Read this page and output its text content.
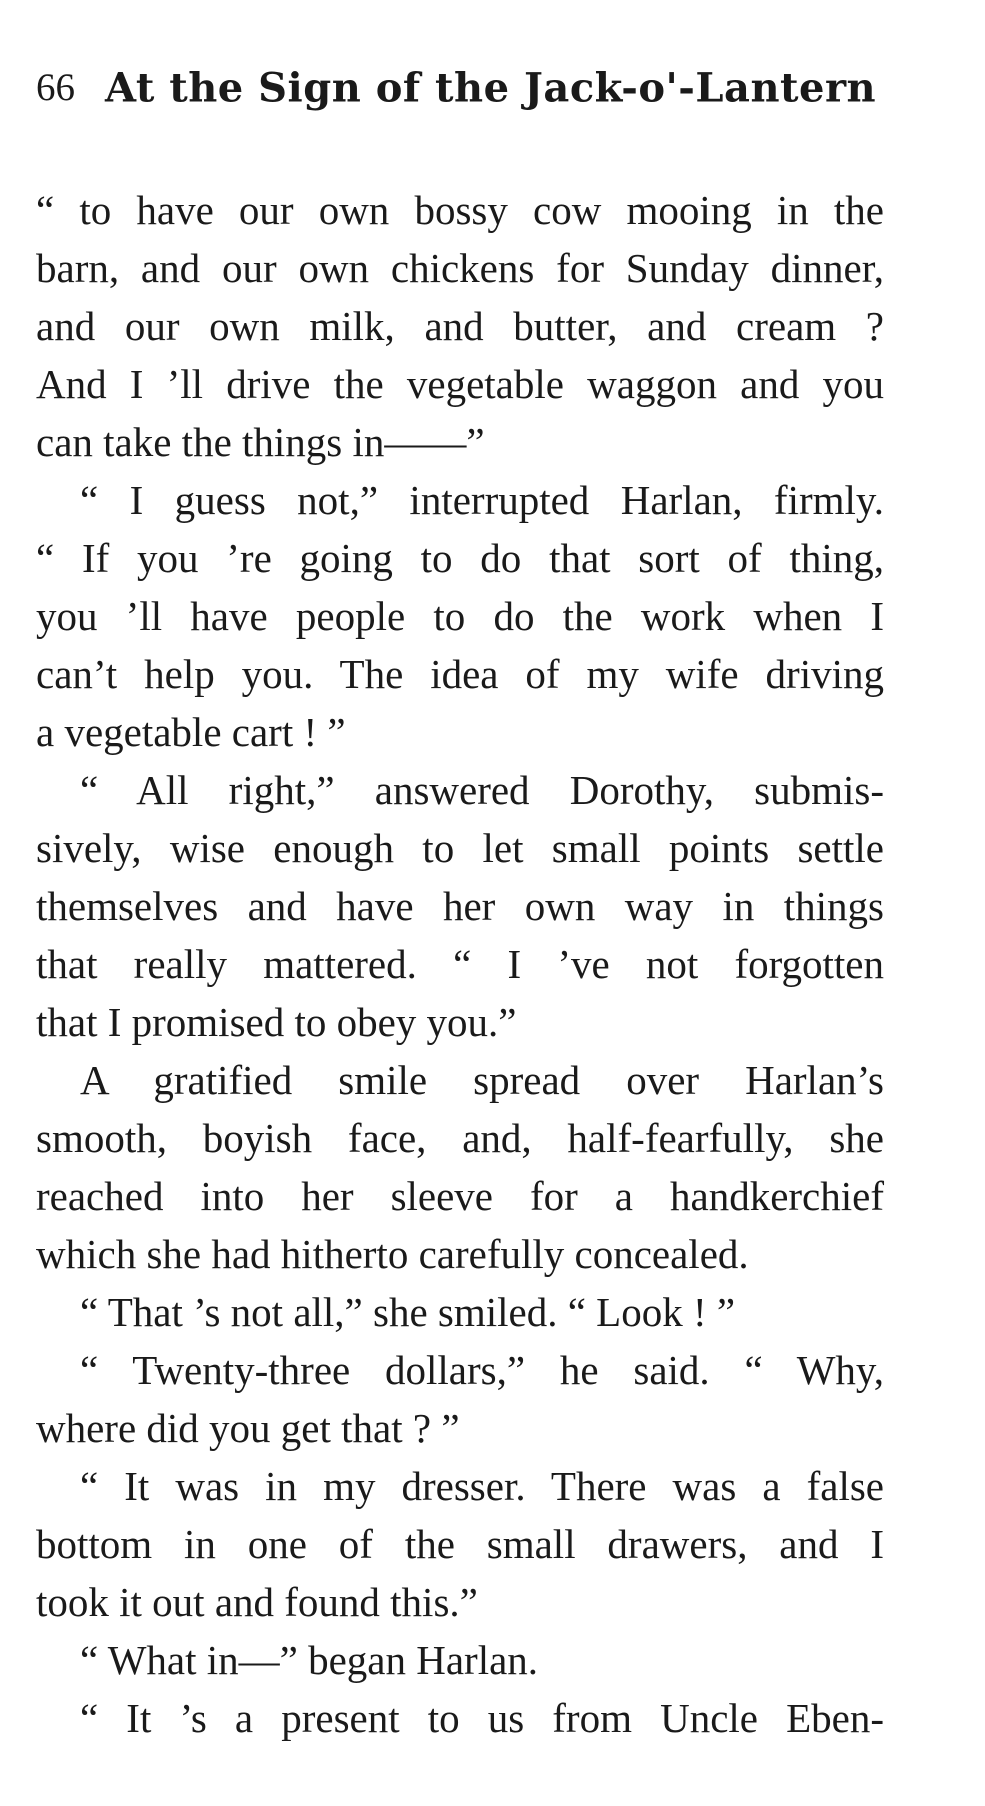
66 At the Sign of the Jack-o'-Lantern
“ to have our own bossy cow mooing in the
barn, and our own chickens for Sunday dinner,
and our own milk, and butter, and cream ?
And I ’ll drive the vegetable waggon and you
can take the things in——”
“ I guess not,” interrupted Harlan, firmly.
“ If you ’re going to do that sort of thing,
you ’ll have people to do the work when I
can’t help you. The idea of my wife driving
a vegetable cart ! ”
“ All right,” answered Dorothy, submis-
sively, wise enough to let small points settle
themselves and have her own way in things
that really mattered. “ I ’ve not forgotten
that I promised to obey you.”
A gratified smile spread over Harlan’s
smooth, boyish face, and, half-fearfully, she
reached into her sleeve for a handkerchief
which she had hitherto carefully concealed.
“ That ’s not all,” she smiled. “ Look ! ”
“ Twenty-three dollars,” he said. “ Why,
where did you get that ? ”
“ It was in my dresser. There was a false
bottom in one of the small drawers, and I
took it out and found this.”
“ What in—” began Harlan.
“ It ’s a present to us from Uncle Eben-
